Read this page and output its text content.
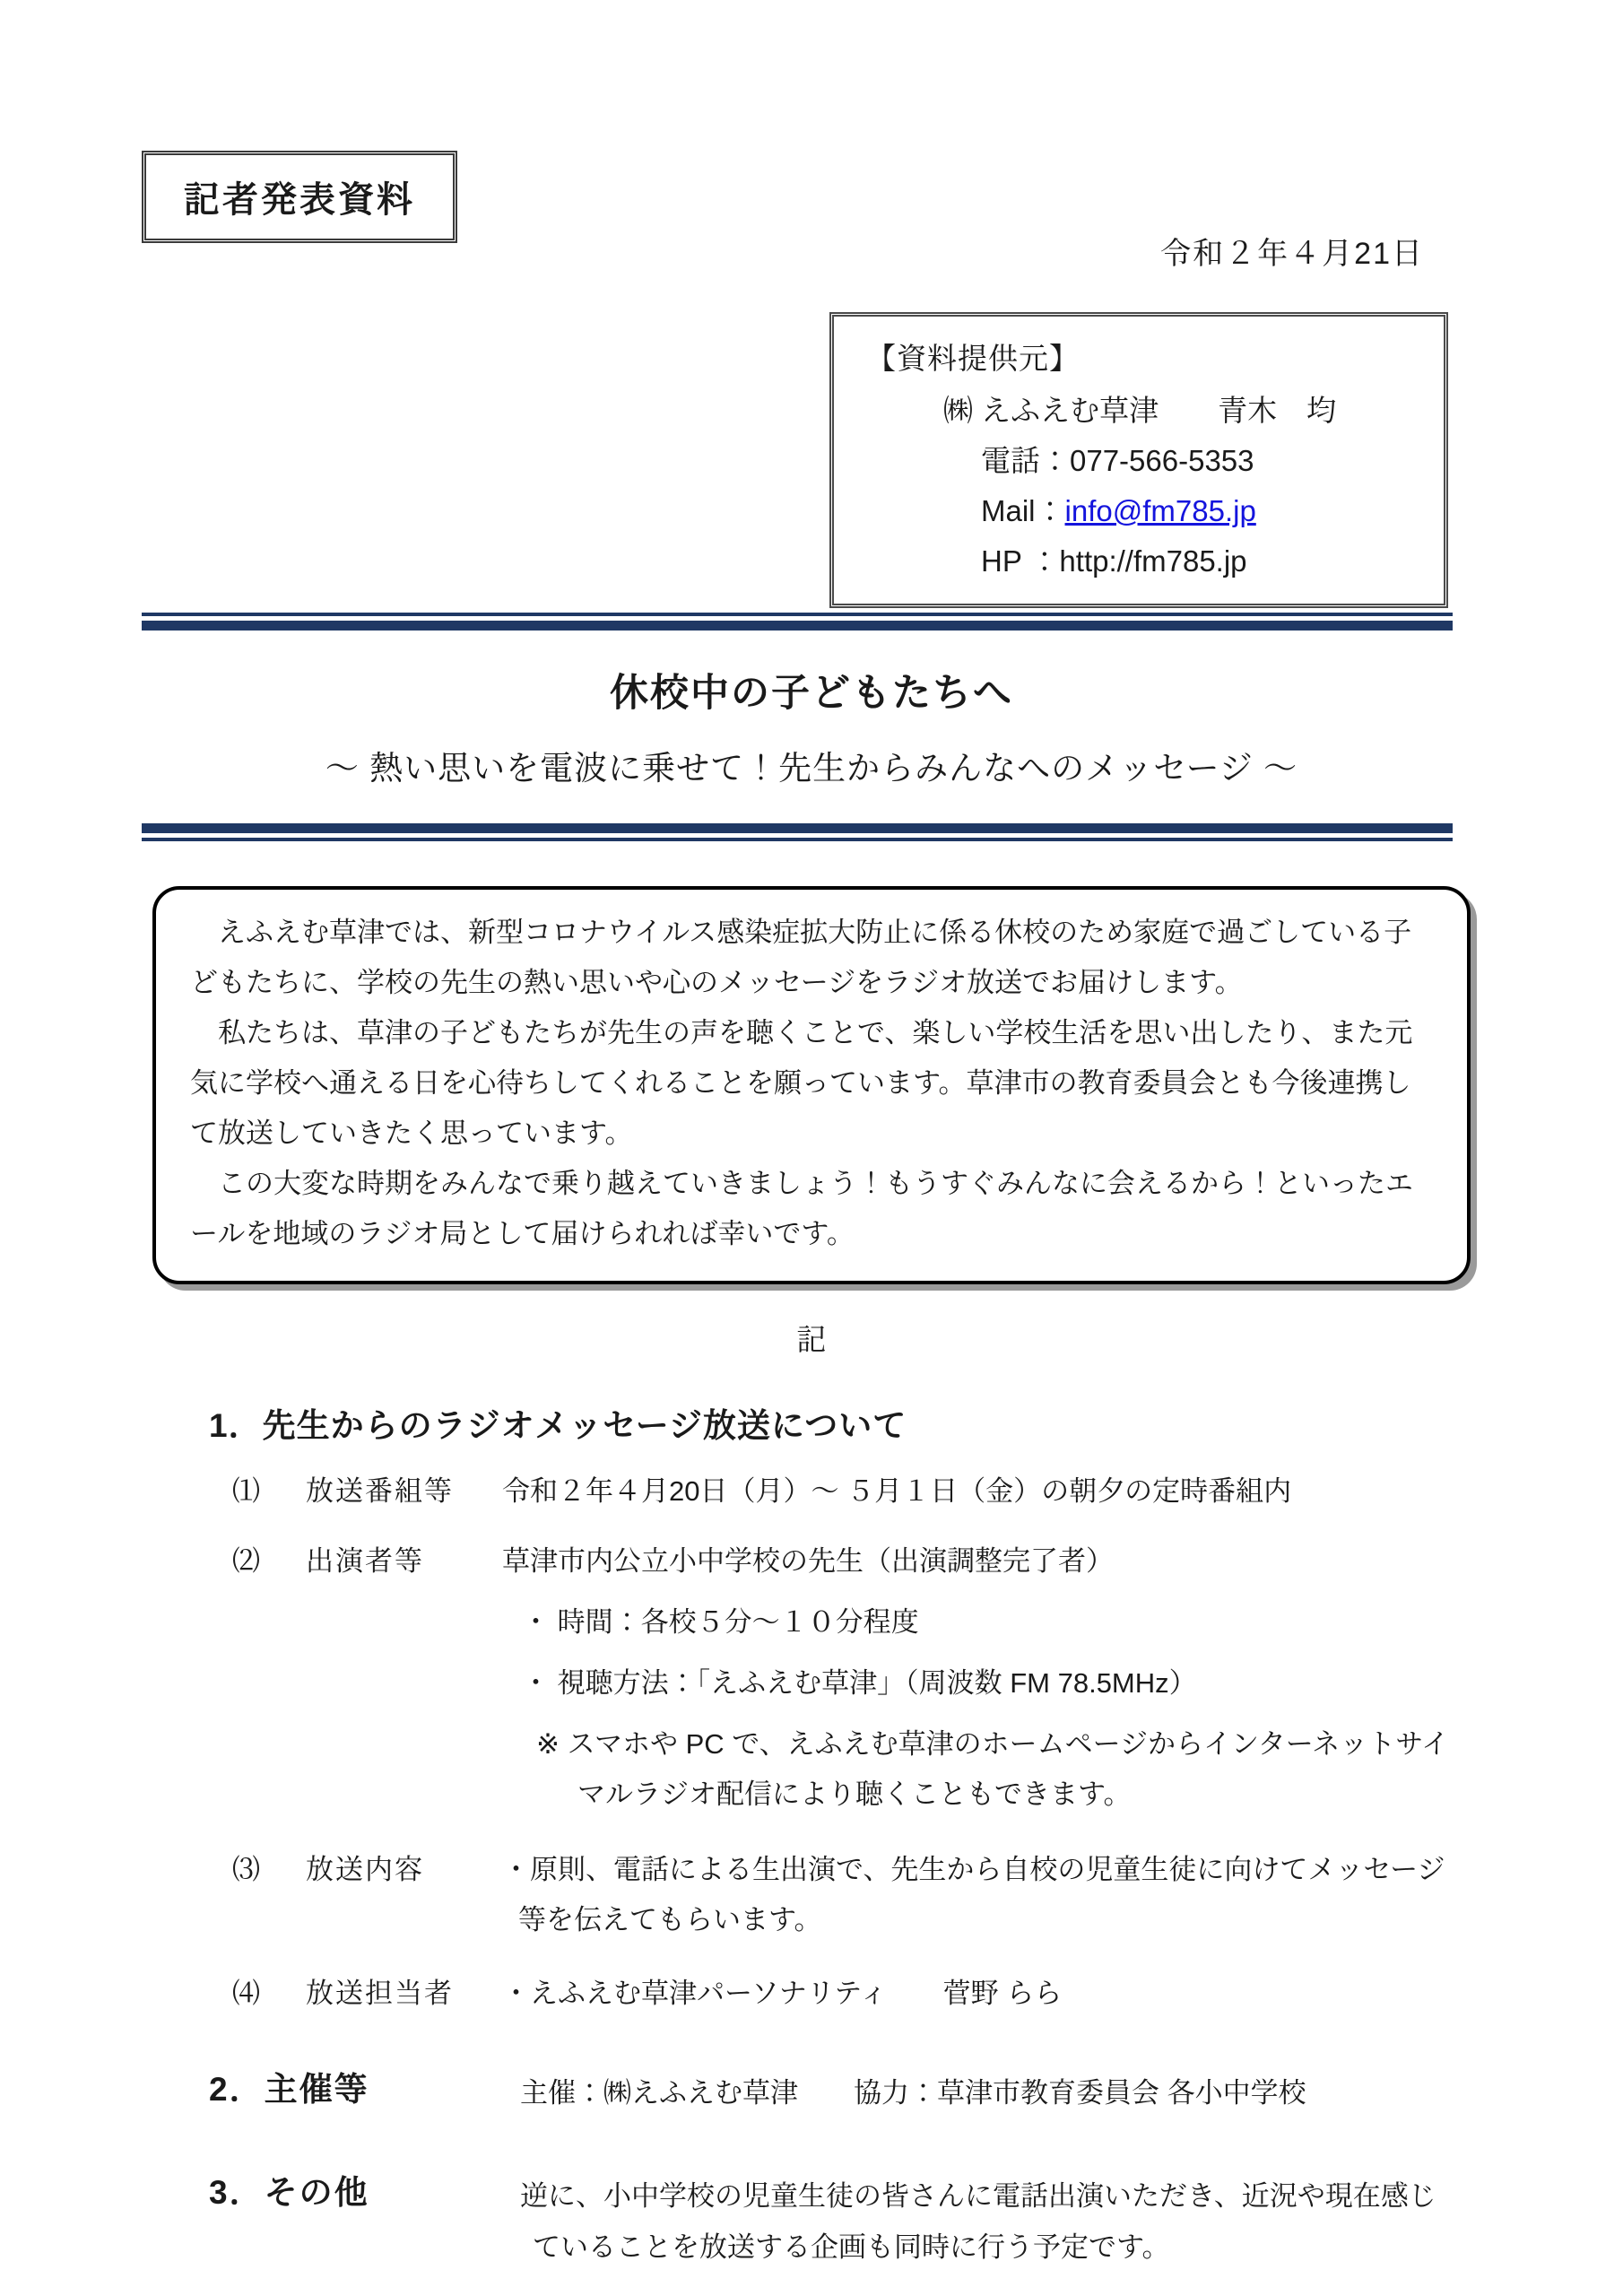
記者発表資料
令和２年４月21日
【資料提供元】
㈱ えふえむ草津　　青木　均
電話：077-566-5353
Mail：info@fm785.jp
HP ：http://fm785.jp
休校中の子どもたちへ
～ 熱い思いを電波に乗せて！先生からみんなへのメッセージ ～

えふえむ草津では、新型コロナウイルス感染症拡大防止に係る休校のため家庭で過ごしている子どもたちに、学校の先生の熱い思いや心のメッセージをラジオ放送でお届けします。

私たちは、草津の子どもたちが先生の声を聴くことで、楽しい学校生活を思い出したり、また元気に学校へ通える日を心待ちしてくれることを願っています。草津市の教育委員会とも今後連携して放送していきたく思っています。

この大変な時期をみんなで乗り越えていきましょう！もうすぐみんなに会えるから！といったエールを地域のラジオ局として届けられれば幸いです。

記
1．先生からのラジオメッセージ放送について
⑴	放送番組等	令和２年４月20日（月）～ ５月１日（金）の朝夕の定時番組内
⑵	出演者等	草津市内公立小中学校の先生（出演調整完了者）
・ 時間：各校５分～１０分程度
・ 視聴方法：「えふえむ草津」（周波数 FM 78.5MHz）
※ スマホや PC で、えふえむ草津のホームページからインターネットサイマルラジオ配信により聴くこともできます。
⑶	放送内容	・原則、電話による生出演で、先生から自校の児童生徒に向けてメッセージ等を伝えてもらいます。
⑷	放送担当者	・えふえむ草津パーソナリティ　　菅野 らら
2．主催等	主催：㈱えふえむ草津　　協力：草津市教育委員会 各小中学校
3．その他	逆に、小中学校の児童生徒の皆さんに電話出演いただき、近況や現在感じていることを放送する企画も同時に行う予定です。
